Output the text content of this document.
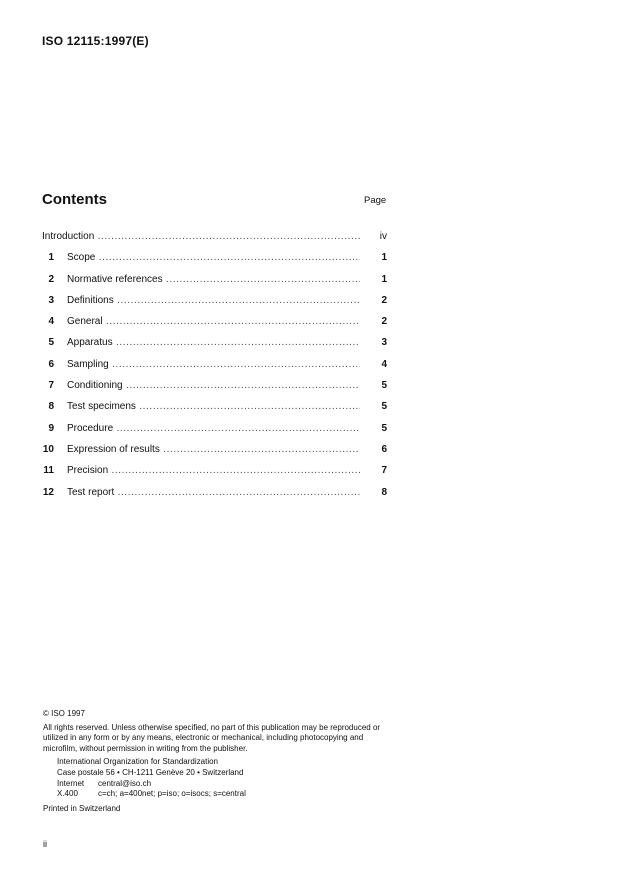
ISO 12115:1997(E)
Contents	Page
Introduction .....	iv
1 Scope .....	1
2 Normative references .....	1
3 Definitions .....	2
4 General .....	2
5 Apparatus .....	3
6 Sampling .....	4
7 Conditioning .....	5
8 Test specimens .....	5
9 Procedure .....	5
10 Expression of results .....	6
11 Precision .....	7
12 Test report .....	8
© ISO 1997
All rights reserved. Unless otherwise specified, no part of this publication may be reproduced or utilized in any form or by any means, electronic or mechanical, including photocopying and microfilm, without permission in writing from the publisher.
International Organization for Standardization
Case postale 56 • CH-1211 Genève 20 • Switzerland
Internet central@iso.ch
X.400	c=ch; a=400net; p=iso; o=isocs; s=central
Printed in Switzerland
ii
